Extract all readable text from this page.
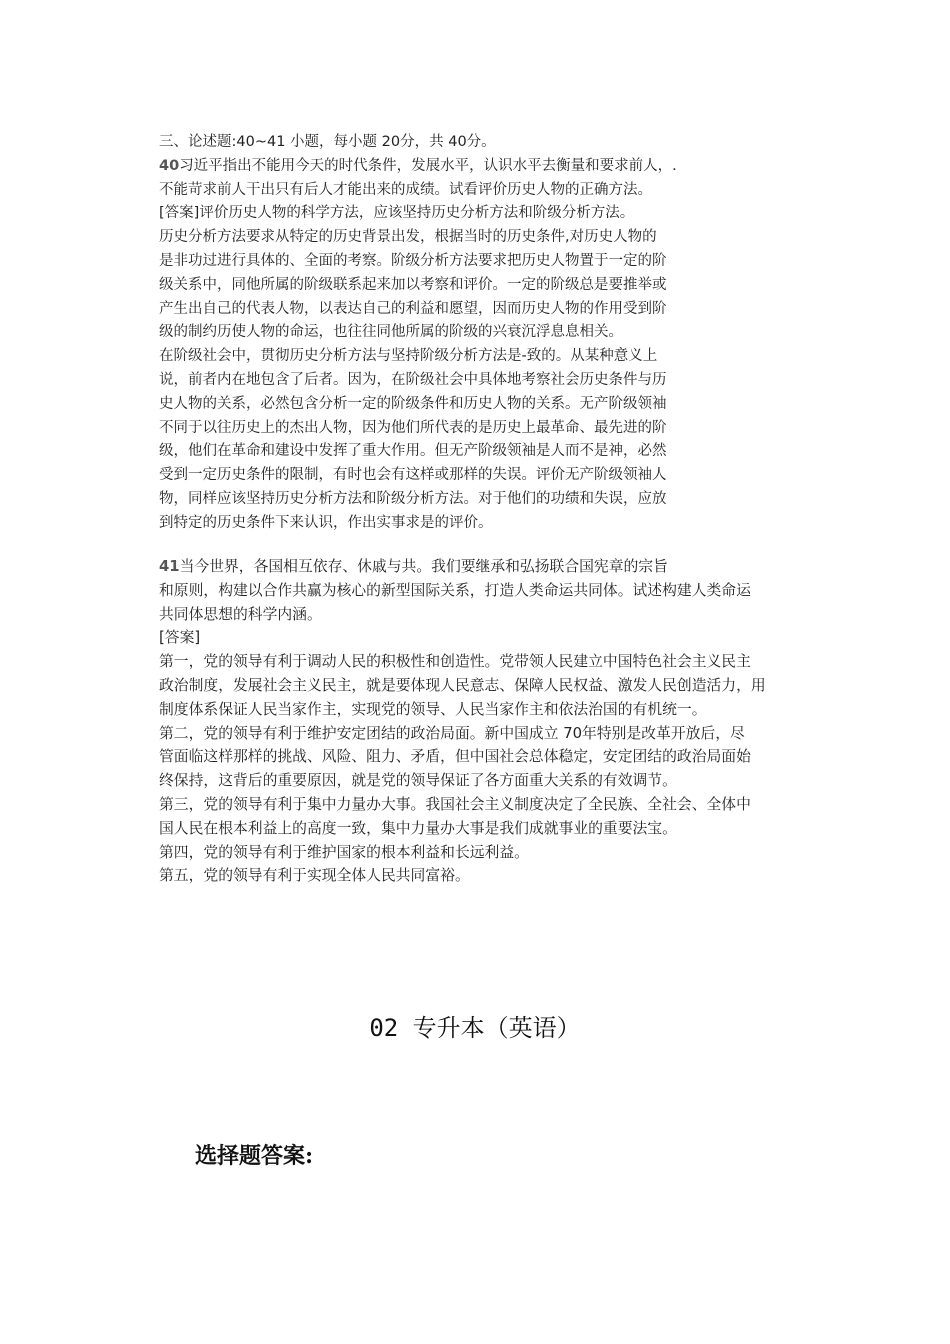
三、论述题:40~41 小题，每小题 20分，共 40分。
40习近平指出不能用今天的时代条件，发展水平，认识水平去衡量和要求前人，.
不能苛求前人干出只有后人才能出来的成绩。试看评价历史人物的正确方法。
[答案]评价历史人物的科学方法，应该坚持历史分析方法和阶级分析方法。
历史分析方法要求从特定的历史背景出发，根据当时的历史条件,对历史人物的
是非功过进行具体的、全面的考察。阶级分析方法要求把历史人物置于一定的阶
级关系中，同他所属的阶级联系起来加以考察和评价。一定的阶级总是要推举或
产生出自己的代表人物，以表达自己的利益和愿望，因而历史人物的作用受到阶
级的制约历使人物的命运，也往往同他所属的阶级的兴衰沉浮息息相关。
在阶级社会中，贯彻历史分析方法与坚持阶级分析方法是-致的。从某种意义上
说，前者内在地包含了后者。因为，在阶级社会中具体地考察社会历史条件与历
史人物的关系，必然包含分析一定的阶级条件和历史人物的关系。无产阶级领袖
不同于以往历史上的杰出人物，因为他们所代表的是历史上最革命、最先进的阶
级，他们在革命和建设中发挥了重大作用。但无产阶级领袖是人而不是神，必然
受到一定历史条件的限制，有时也会有这样或那样的失误。评价无产阶级领袖人
物，同样应该坚持历史分析方法和阶级分析方法。对于他们的功绩和失误，应放
到特定的历史条件下来认识，作出实事求是的评价。
41当今世界，各国相互依存、休戚与共。我们要继承和弘扬联合国宪章的宗旨
和原则，构建以合作共赢为核心的新型国际关系，打造人类命运共同体。试述构建人类命运
共同体思想的科学内涵。
[答案]
第一，党的领导有利于调动人民的积极性和创造性。党带领人民建立中国特色社会主义民主
政治制度，发展社会主义民主，就是要体现人民意志、保障人民权益、激发人民创造活力，用
制度体系保证人民当家作主，实现党的领导、人民当家作主和依法治国的有机统一。
第二，党的领导有利于维护安定团结的政治局面。新中国成立 70年特别是改革开放后，尽
管面临这样那样的挑战、风险、阻力、矛盾，但中国社会总体稳定，安定团结的政治局面始
终保持，这背后的重要原因，就是党的领导保证了各方面重大关系的有效调节。
第三，党的领导有利于集中力量办大事。我国社会主义制度决定了全民族、全社会、全体中
国人民在根本利益上的高度一致，集中力量办大事是我们成就事业的重要法宝。
第四，党的领导有利于维护国家的根本利益和长远利益。
第五，党的领导有利于实现全体人民共同富裕。
02 专升本（英语）
选择题答案:
